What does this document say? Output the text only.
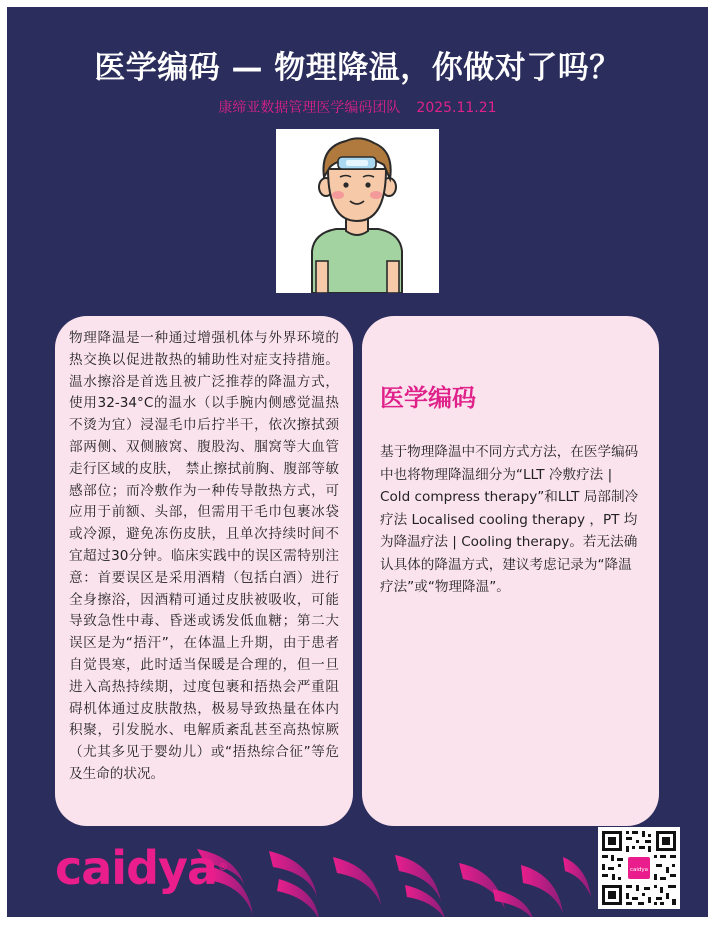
医学编码 — 物理降温，你做对了吗？
康缔亚数据管理医学编码团队 2025.11.21

物理降温是一种通过增强机体与外界环境的热交换以促进散热的辅助性对症支持措施。温水擦浴是首选且被广泛推荐的降温方式，使用32-34°C的温水（以手腕内侧感觉温热不烫为宜）浸湿毛巾后拧半干，依次擦拭颈部两侧、双侧腋窝、腹股沟、腘窝等大血管走行区域的皮肤， 禁止擦拭前胸、腹部等敏感部位；而冷敷作为一种传导散热方式，可应用于前额、头部，但需用干毛巾包裹冰袋或冷源，避免冻伤皮肤，且单次持续时间不宜超过30分钟。临床实践中的误区需特别注意：首要误区是采用酒精（包括白酒）进行全身擦浴，因酒精可通过皮肤被吸收，可能导致急性中毒、昏迷或诱发低血糖；第二大误区是为“捂汗”，在体温上升期，由于患者自觉畏寒，此时适当保暖是合理的，但一旦进入高热持续期，过度包裹和捂热会严重阻碍机体通过皮肤散热，极易导致热量在体内积聚，引发脱水、电解质紊乱甚至高热惊厥（尤其多见于婴幼儿）或“捂热综合征”等危及生命的状况。

医学编码

基于物理降温中不同方式方法，在医学编码中也将物理降温细分为“LLT 冷敷疗法 | Cold compress therapy”和LLT 局部制冷疗法 Localised cooling therapy ，PT 均为降温疗法 | Cooling therapy。若无法确认具体的降温方式，建议考虑记录为“降温疗法”或“物理降温”。

caidya®	caidya
